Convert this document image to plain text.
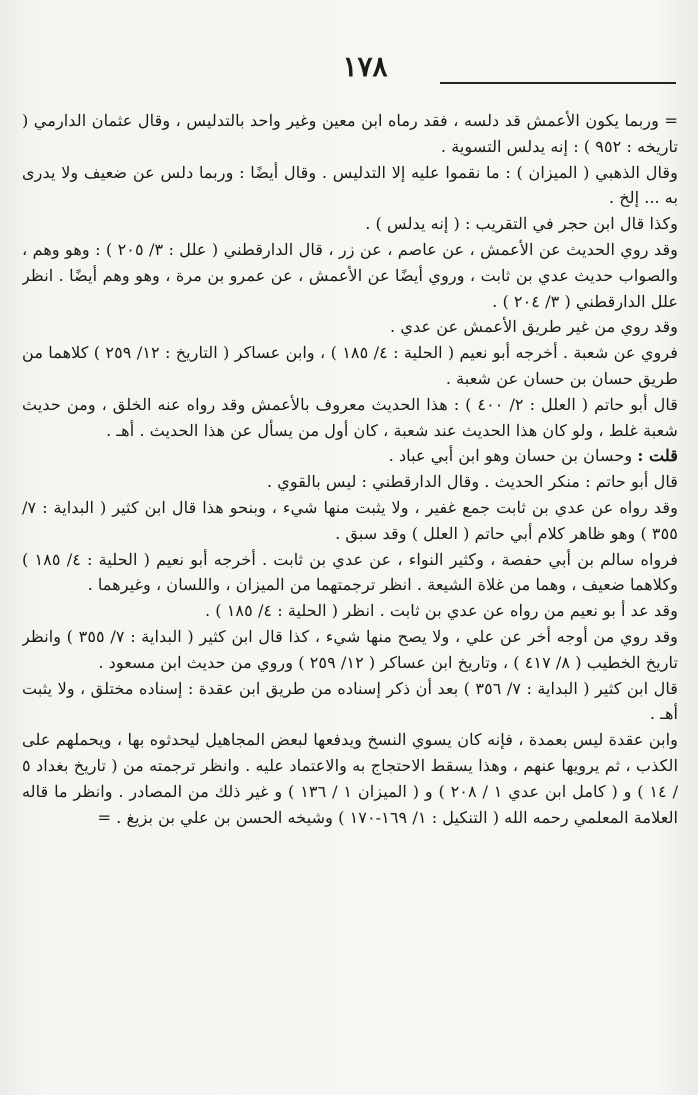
١٧٨

= وربما يكون الأعمش قد دلسه ، فقد رماه ابن معين وغير واحد بالتدليس ، وقال عثمان الدارمي ( تاريخه : ٩٥٢ ) : إنه يدلس التسوية .

وقال الذهبي ( الميزان ) : ما نقموا عليه إلا التدليس . وقال أيضًا : وربما دلس عن ضعيف ولا يدرى به ... إلخ .

وكذا قال ابن حجر في التقريب : ( إنه يدلس ) .

وقد روي الحديث عن الأعمش ، عن عاصم ، عن زر ، قال الدارقطني ( علل : ٣/ ٢٠٥ ) : وهو وهم ، والصواب حديث عدي بن ثابت ، وروي أيضًا عن الأعمش ، عن عمرو بن مرة ، وهو وهم أيضًا . انظر علل الدارقطني ( ٣/ ٢٠٤ ) .

وقد روي من غير طريق الأعمش عن عدي .

فروي عن شعبة . أخرجه أبو نعيم ( الحلية : ٤/ ١٨٥ ) ، وابن عساكر ( التاريخ : ١٢/ ٢٥٩ ) كلاهما من طريق حسان بن حسان عن شعبة .

قال أبو حاتم ( العلل : ٢/ ٤٠٠ ) : هذا الحديث معروف بالأعمش وقد رواه عنه الخلق ، ومن حديث شعبة غلط ، ولو كان هذا الحديث عند شعبة ، كان أول من يسأل عن هذا الحديث . أهـ .

قلت : وحسان بن حسان وهو ابن أبي عباد .

قال أبو حاتم : منكر الحديث . وقال الدارقطني : ليس بالقوي .

وقد رواه عن عدي بن ثابت جمع غفير ، ولا يثبت منها شيء ، وبنحو هذا قال ابن كثير ( البداية : ٧/ ٣٥٥ ) وهو ظاهر كلام أبي حاتم ( العلل ) وقد سبق .

فرواه سالم بن أبي حفصة ، وكثير النواء ، عن عدي بن ثابت . أخرجه أبو نعيم ( الحلية : ٤/ ١٨٥ ) وكلاهما ضعيف ، وهما من غلاة الشيعة . انظر ترجمتهما من الميزان ، واللسان ، وغيرهما .

وقد عد أ بو نعيم من رواه عن عدي بن ثابت . انظر ( الحلية : ٤/ ١٨٥ ) .

وقد روي من أوجه أخر عن علي ، ولا يصح منها شيء ، كذا قال ابن كثير ( البداية : ٧/ ٣٥٥ ) وانظر تاريخ الخطيب ( ٨/ ٤١٧ ) ، وتاريخ ابن عساكر ( ١٢/ ٢٥٩ ) وروي من حديث ابن مسعود .

قال ابن كثير ( البداية : ٧/ ٣٥٦ ) بعد أن ذكر إسناده من طريق ابن عقدة : إسناده مختلق ، ولا يثبت أهـ .

وابن عقدة ليس بعمدة ، فإنه كان يسوي النسخ ويدفعها لبعض المجاهيل ليحدثوه بها ، ويحملهم على الكذب ، ثم يرويها عنهم ، وهذا يسقط الاحتجاج به والاعتماد عليه . وانظر ترجمته من ( تاريخ بغداد ٥ / ١٤ ) و ( كامل ابن عدي ١ / ٢٠٨ ) و ( الميزان ١ / ١٣٦ ) و غير ذلك من المصادر . وانظر ما قاله العلامة المعلمي رحمه الله ( التنكيل : ١/ ١٦٩-١٧٠ ) وشيخه الحسن بن علي بن بزيغ . =
